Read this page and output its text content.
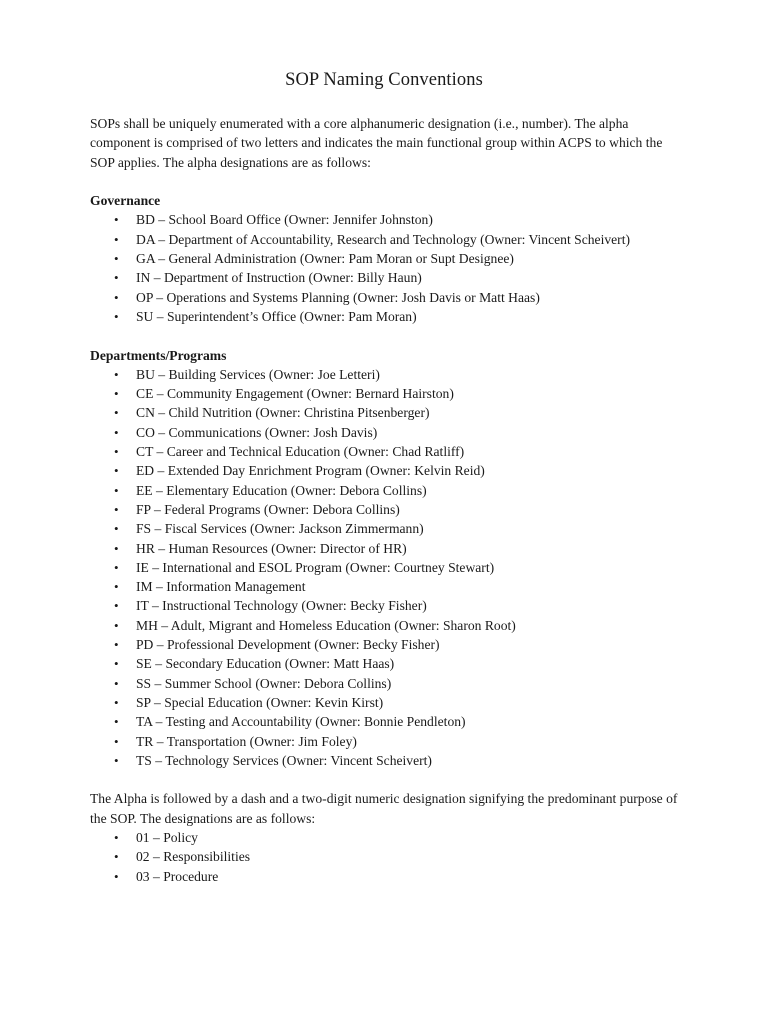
SOP Naming Conventions

SOPs shall be uniquely enumerated with a core alphanumeric designation (i.e., number). The alpha component is comprised of two letters and indicates the main functional group within ACPS to which the SOP applies. The alpha designations are as follows:

Governance

• BD – School Board Office (Owner: Jennifer Johnston)
• DA – Department of Accountability, Research and Technology (Owner: Vincent Scheivert)
• GA – General Administration (Owner: Pam Moran or Supt Designee)
• IN – Department of Instruction (Owner: Billy Haun)
• OP – Operations and Systems Planning (Owner: Josh Davis or Matt Haas)
• SU – Superintendent’s Office (Owner: Pam Moran)

Departments/Programs

• BU – Building Services (Owner: Joe Letteri)
• CE – Community Engagement (Owner: Bernard Hairston)
• CN – Child Nutrition (Owner: Christina Pitsenberger)
• CO – Communications (Owner: Josh Davis)
• CT – Career and Technical Education (Owner: Chad Ratliff)
• ED – Extended Day Enrichment Program (Owner: Kelvin Reid)
• EE – Elementary Education (Owner: Debora Collins)
• FP – Federal Programs (Owner: Debora Collins)
• FS – Fiscal Services (Owner: Jackson Zimmermann)
• HR – Human Resources (Owner: Director of HR)
• IE – International and ESOL Program (Owner: Courtney Stewart)
• IM – Information Management
• IT – Instructional Technology (Owner: Becky Fisher)
• MH – Adult, Migrant and Homeless Education (Owner: Sharon Root)
• PD – Professional Development (Owner: Becky Fisher)
• SE – Secondary Education (Owner: Matt Haas)
• SS – Summer School (Owner: Debora Collins)
• SP – Special Education (Owner: Kevin Kirst)
• TA – Testing and Accountability (Owner: Bonnie Pendleton)
• TR – Transportation (Owner: Jim Foley)
• TS – Technology Services (Owner: Vincent Scheivert)

The Alpha is followed by a dash and a two-digit numeric designation signifying the predominant purpose of the SOP. The designations are as follows:

• 01 – Policy
• 02 – Responsibilities
• 03 – Procedure
